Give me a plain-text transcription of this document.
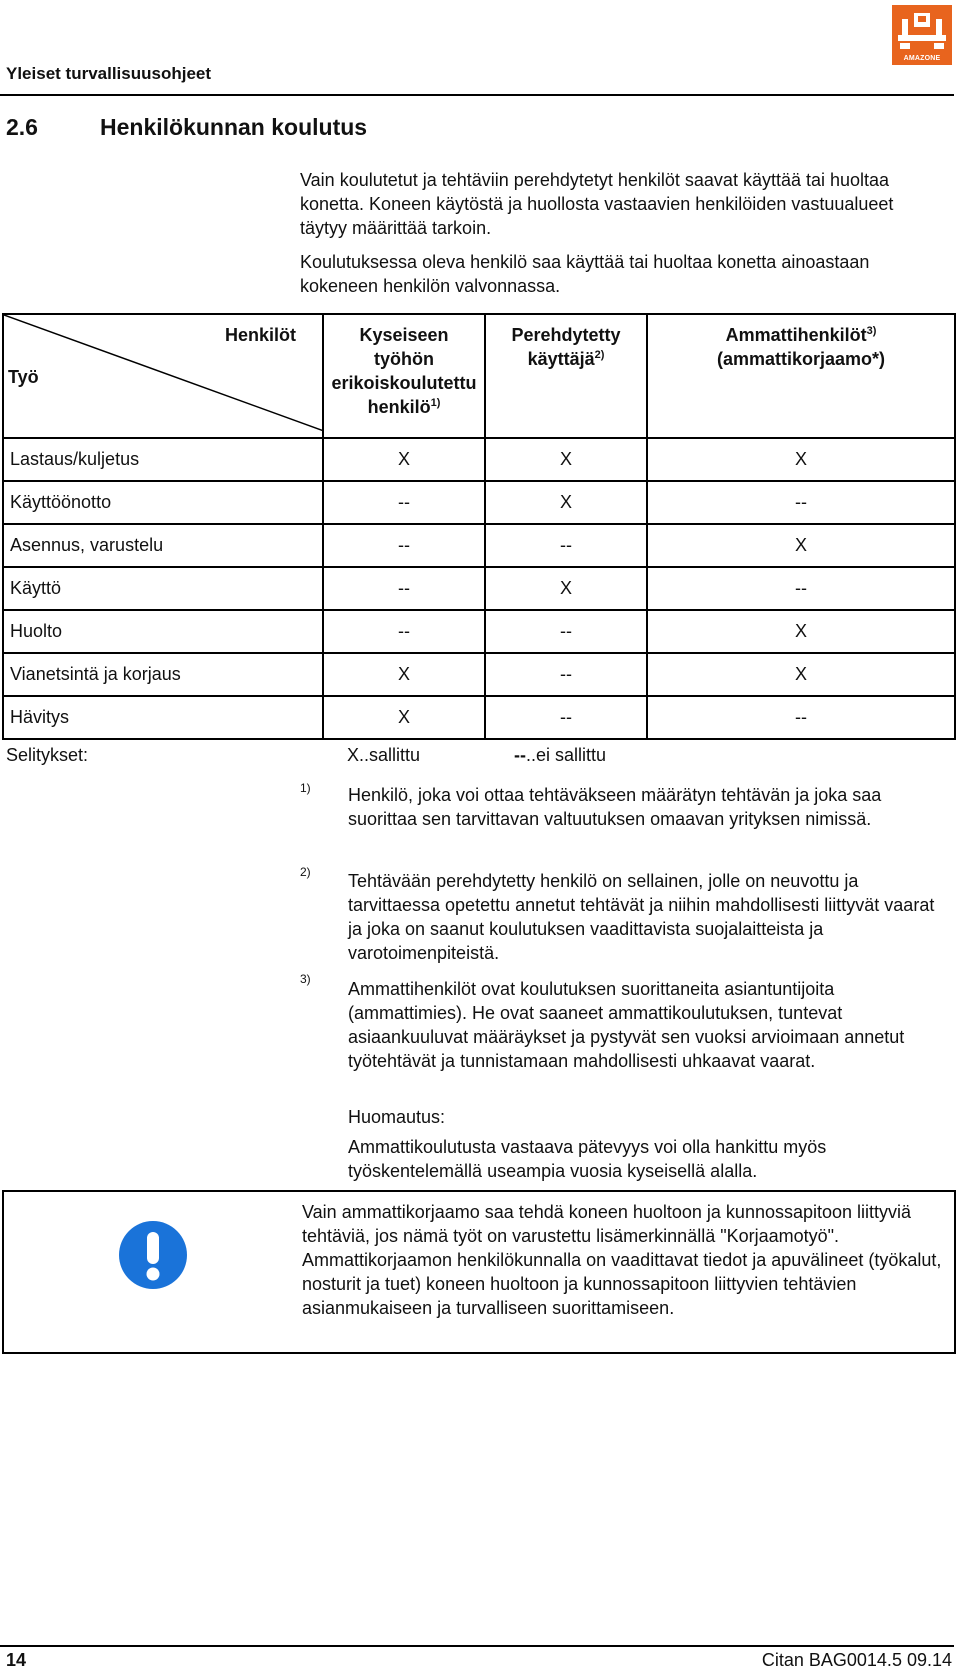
Yleiset turvallisuusohjeet
AMAZONE
2.6	Henkilökunnan koulutus
Vain koulutetut ja tehtäviin perehdytetyt henkilöt saavat käyttää tai huoltaa konetta. Koneen käytöstä ja huollosta vastaavien henkilöiden vastuualueet täytyy määrittää tarkoin.
Koulutuksessa oleva henkilö saa käyttää tai huoltaa konetta ainoastaan kokeneen henkilön valvonnassa.
Henkilöt
Työ	Kyseiseen
työhön
erikoiskoulutettu
henkilö$^{1)}$	Perehdytetty
käyttäjä$^{2)}$	Ammattihenkilöt$^{3)}$
(ammattikorjaamo*)
Lastaus/kuljetus	X	X	X
Käyttöönotto	--	X	--
Asennus, varustelu	--	--	X
Käyttö	--	X	--
Huolto	--	--	X
Vianetsintä ja korjaus	X	--	X
Hävitys	X	--	--
Selitykset:	X..sallittu	--..ei sallittu
1) Henkilö, joka voi ottaa tehtäväkseen määrätyn tehtävän ja joka saa suorittaa sen tarvittavan valtuutuksen omaavan yrityksen nimissä.
2) Tehtävään perehdytetty henkilö on sellainen, jolle on neuvottu ja tarvittaessa opetettu annetut tehtävät ja niihin mahdollisesti liittyvät vaarat ja joka on saanut koulutuksen vaadittavista suojalaitteista ja varotoimenpiteistä.
3) Ammattihenkilöt ovat koulutuksen suorittaneita asiantuntijoita (ammattimies). He ovat saaneet ammattikoulutuksen, tuntevat asiaankuuluvat määräykset ja pystyvät sen vuoksi arvioimaan annetut työtehtävät ja tunnistamaan mahdollisesti uhkaavat vaarat.
Huomautus:
Ammattikoulutusta vastaava pätevyys voi olla hankittu myös työskentelemällä useampia vuosia kyseisellä alalla.
Vain ammattikorjaamo saa tehdä koneen huoltoon ja kunnossapitoon liittyviä tehtäviä, jos nämä työt on varustettu lisämerkinnällä "Korjaamotyö". Ammattikorjaamon henkilökunnalla on vaadittavat tiedot ja apuvälineet (työkalut, nosturit ja tuet) koneen huoltoon ja kunnossapitoon liittyvien tehtävien asianmukaiseen ja turvalliseen suorittamiseen.
14	Citan BAG0014.5 09.14
